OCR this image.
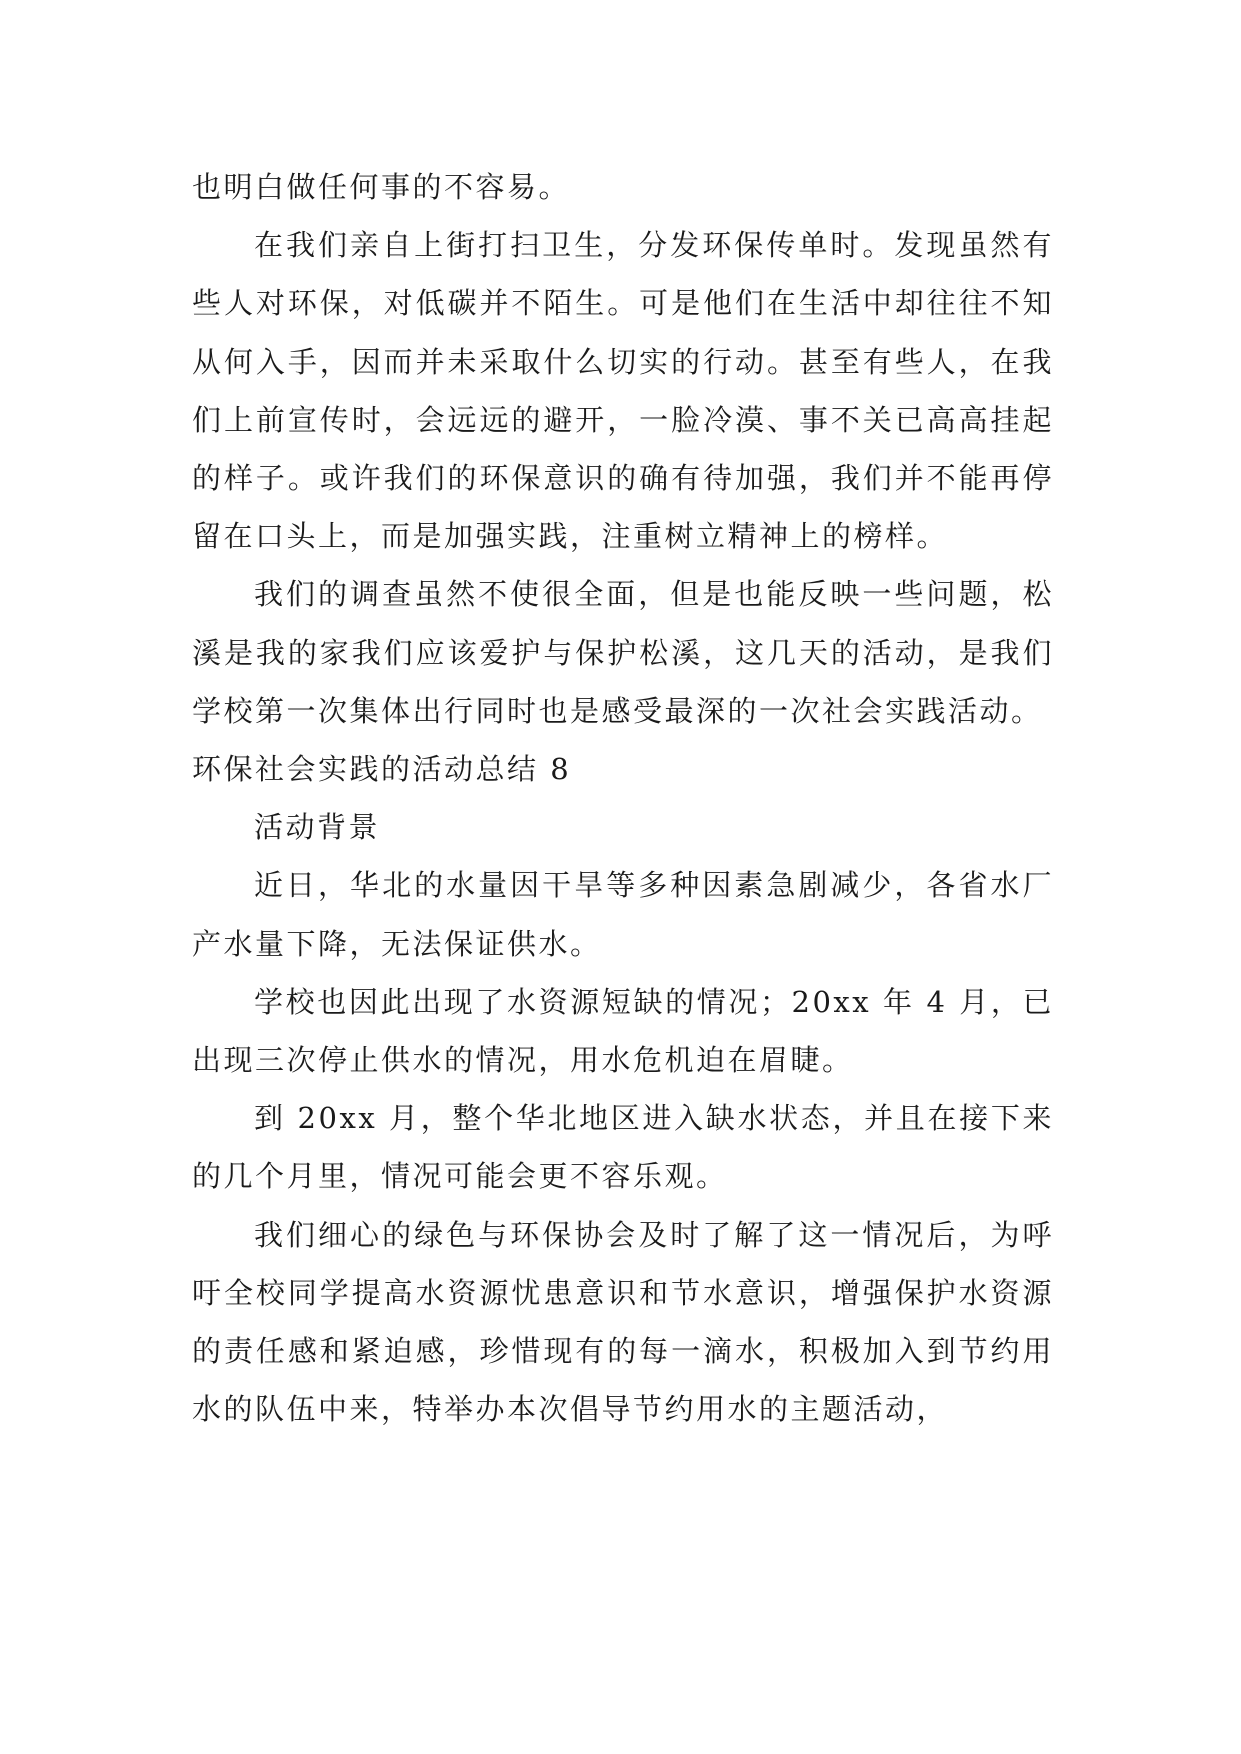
也明白做任何事的不容易。

在我们亲自上街打扫卫生，分发环保传单时。发现虽然有些人对环保，对低碳并不陌生。可是他们在生活中却往往不知从何入手，因而并未采取什么切实的行动。甚至有些人，在我们上前宣传时，会远远的避开，一脸冷漠、事不关已高高挂起的样子。或许我们的环保意识的确有待加强，我们并不能再停留在口头上，而是加强实践，注重树立精神上的榜样。

我们的调查虽然不使很全面，但是也能反映一些问题，松溪是我的家我们应该爱护与保护松溪，这几天的活动，是我们学校第一次集体出行同时也是感受最深的一次社会实践活动。

环保社会实践的活动总结 8

活动背景

近日，华北的水量因干旱等多种因素急剧减少，各省水厂产水量下降，无法保证供水。

学校也因此出现了水资源短缺的情况；20xx 年 4 月，已出现三次停止供水的情况，用水危机迫在眉睫。

到 20xx 月，整个华北地区进入缺水状态，并且在接下来的几个月里，情况可能会更不容乐观。

我们细心的绿色与环保协会及时了解了这一情况后，为呼吁全校同学提高水资源忧患意识和节水意识，增强保护水资源的责任感和紧迫感，珍惜现有的每一滴水，积极加入到节约用水的队伍中来，特举办本次倡导节约用水的主题活动，
